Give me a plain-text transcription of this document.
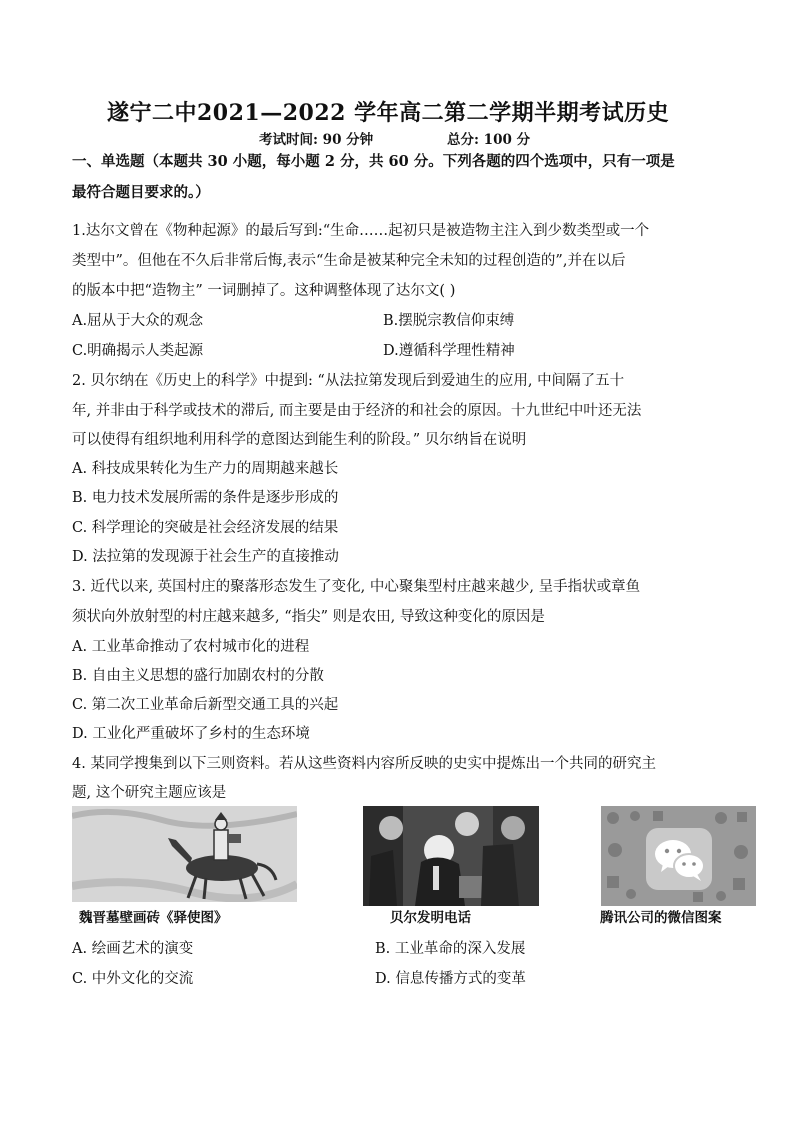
遂宁二中2021—2022 学年高二第二学期半期考试历史
考试时间: 90 分钟	总分: 100 分
一、单选题（本题共 30 小题，每小题 2 分，共 60 分。下列各题的四个选项中，只有一项是
最符合题目要求的。）
1.达尔文曾在《物种起源》的最后写到:“生命……起初只是被造物主注入到少数类型或一个
类型中”。但他在不久后非常后悔,表示“生命是被某种完全未知的过程创造的”,并在以后
的版本中把“造物主” 一词删掉了。这种调整体现了达尔文( )
A.屈从于大众的观念	B.摆脱宗教信仰束缚
C.明确揭示人类起源	D.遵循科学理性精神
2. 贝尔纳在《历史上的科学》中提到: “从法拉第发现后到爱迪生的应用, 中间隔了五十
年, 并非由于科学或技术的滞后, 而主要是由于经济的和社会的原因。十九世纪中叶还无法
可以使得有组织地利用科学的意图达到能生利的阶段。” 贝尔纳旨在说明
A. 科技成果转化为生产力的周期越来越长
B. 电力技术发展所需的条件是逐步形成的
C. 科学理论的突破是社会经济发展的结果
D. 法拉第的发现源于社会生产的直接推动
3. 近代以来, 英国村庄的聚落形态发生了变化, 中心聚集型村庄越来越少, 呈手指状或章鱼
须状向外放射型的村庄越来越多, “指尖” 则是农田, 导致这种变化的原因是
A. 工业革命推动了农村城市化的进程
B. 自由主义思想的盛行加剧农村的分散
C. 第二次工业革命后新型交通工具的兴起
D. 工业化严重破坏了乡村的生态环境
4. 某同学搜集到以下三则资料。若从这些资料内容所反映的史实中提炼出一个共同的研究主
题, 这个研究主题应该是
魏晋墓壁画砖《驿使图》	贝尔发明电话	腾讯公司的微信图案
A. 绘画艺术的演变	B. 工业革命的深入发展
C. 中外文化的交流	D. 信息传播方式的变革
